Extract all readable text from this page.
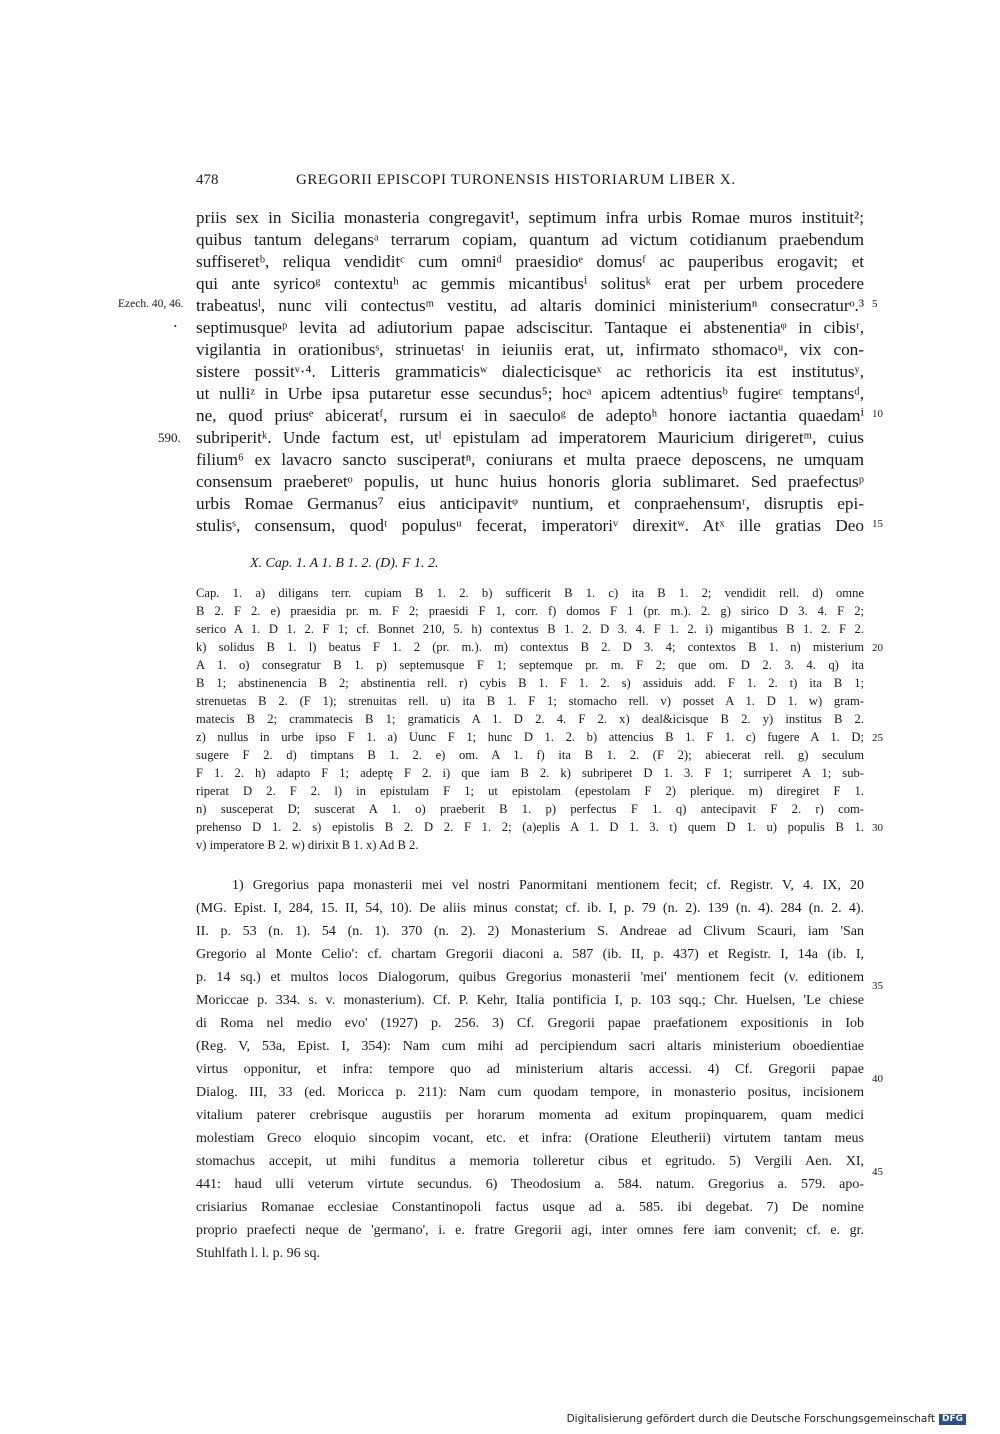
478	GREGORII EPISCOPI TURONENSIS HISTORIARUM LIBER X.
priis sex in Sicilia monasteria congregavit¹, septimum infra urbis Romae muros instituit²;
quibus tantum delegansᵃ terrarum copiam, quantum ad victum cotidianum praebendum
suffiseretᵇ, reliqua vendiditᶜ cum omniᵈ praesidioᵉ domusᶠ ac pauperibus erogavit; et
qui ante syricoᵍ contextuʰ ac gemmis micantibusⁱ solitusᵏ erat per urbem procedere
trabeatusˡ, nunc vili contectusᵐ vestitu, ad altaris dominici ministeriumⁿ consecraturᵒ.³
septimusqueᵖ levita ad adiutorium papae adsciscitur. Tantaque ei abstenentiaᵠ in cibisʳ,
vigilantia in orationibusˢ, strinuetasᵗ in ieiuniis erat, ut, infirmato sthomacoᵘ, vix con-
sistere possitᵛ·⁴. Litteris grammaticisʷ dialecticisqueˣ ac rethoricis ita est institutusʸ,
ut nulliᶻ in Urbe ipsa putaretur esse secundus⁵; hocᵃ apicem adtentiusᵇ fugireᶜ temptansᵈ,
ne, quod priusᵉ abiceratᶠ, rursum ei in saeculoᵍ de adeptoʰ honore iactantia quaedamⁱ
subriperitᵏ. Unde factum est, utˡ epistulam ad imperatorem Mauricium dirigeretᵐ, cuius
filium⁶ ex lavacro sancto susciperatⁿ, coniurans et multa praece deposcens, ne umquam
consensum praeberetᵒ populis, ut hunc huius honoris gloria sublimaret. Sed praefectusᵖ
urbis Romae Germanus⁷ eius anticipavitᵠ nuntium, et conpraehensumʳ, disruptis epi-
stulisˢ, consensum, quodᵗ populusᵘ fecerat, imperatoriᵛ direxitʷ. Atˣ ille gratias Deo
Ezech. 40, 46.
•
590.
5
10
15
X. Cap. 1. A 1. B 1. 2. (D). F 1. 2.
Cap. 1. a) diligans terr. cupiam B 1. 2. b) sufficerit B 1. c) ita B 1. 2; vendidit rell. d) omne
B 2. F 2. e) praesidia pr. m. F 2; praesidi F 1, corr. f) domos F 1 (pr. m.). 2. g) sirico D 3. 4. F 2;
serico A 1. D 1. 2. F 1; cf. Bonnet 210, 5. h) contextus B 1. 2. D 3. 4. F 1. 2. i) migantibus B 1. 2. F 2.
k) solidus B 1. l) beatus F 1. 2 (pr. m.). m) contextus B 2. D 3. 4; contextos B 1. n) misterium
A 1. o) consegratur B 1. p) septemusque F 1; septemque pr. m. F 2; que om. D 2. 3. 4. q) ita
B 1; abstinenencia B 2; abstinentia rell. r) cybis B 1. F 1. 2. s) assiduis add. F 1. 2. t) ita B 1;
strenuetas B 2. (F 1); strenuitas rell. u) ita B 1. F 1; stomacho rell. v) posset A 1. D 1. w) gram-
matecis B 2; crammatecis B 1; gramaticis A 1. D 2. 4. F 2. x) deal&icisque B 2. y) institus B 2.
z) nullus in urbe ipso F 1. a) Uunc F 1; hunc D 1. 2. b) attencius B 1. F 1. c) fugere A 1. D;
sugere F 2. d) timptans B 1. 2. e) om. A 1. f) ita B 1. 2. (F 2); abiecerat rell. g) seculum
F 1. 2. h) adapto F 1; adeptę F 2. i) que iam B 2. k) subriperet D 1. 3. F 1; surriperet A 1; sub-
riperat D 2. F 2. l) in epistulam F 1; ut epistolam (epestolam F 2) plerique. m) diregiret F 1.
n) susceperat D; suscerat A 1. o) praeberit B 1. p) perfectus F 1. q) antecipavit F 2. r) com-
prehenso D 1. 2. s) epistolis B 2. D 2. F 1. 2; (a)eplis A 1. D 1. 3. t) quem D 1. u) populis B 1.
v) imperatore B 2. w) dirixit B 1. x) Ad B 2.
20
25
30
1) Gregorius papa monasterii mei vel nostri Panormitani mentionem fecit; cf. Registr. V, 4. IX, 20
(MG. Epist. I, 284, 15. II, 54, 10). De aliis minus constat; cf. ib. I, p. 79 (n. 2). 139 (n. 4). 284 (n. 2. 4).
II. p. 53 (n. 1). 54 (n. 1). 370 (n. 2). 2) Monasterium S. Andreae ad Clivum Scauri, iam 'San
Gregorio al Monte Celio': cf. chartam Gregorii diaconi a. 587 (ib. II, p. 437) et Registr. I, 14a (ib. I,
p. 14 sq.) et multos locos Dialogorum, quibus Gregorius monasterii 'mei' mentionem fecit (v. editionem
Moriccae p. 334. s. v. monasterium). Cf. P. Kehr, Italia pontificia I, p. 103 sqq.; Chr. Huelsen, 'Le chiese
di Roma nel medio evo' (1927) p. 256. 3) Cf. Gregorii papae praefationem expositionis in Iob
(Reg. V, 53a, Epist. I, 354): Nam cum mihi ad percipiendum sacri altaris ministerium oboedientiae
virtus opponitur, et infra: tempore quo ad ministerium altaris accessi. 4) Cf. Gregorii papae
Dialog. III, 33 (ed. Moricca p. 211): Nam cum quodam tempore, in monasterio positus, incisionem
vitalium paterer crebrisque augustiis per horarum momenta ad exitum propinquarem, quam medici
molestiam Greco eloquio sincopim vocant, etc. et infra: (Oratione Eleutherii) virtutem tantam meus
stomachus accepit, ut mihi funditus a memoria tolleretur cibus et egritudo. 5) Vergili Aen. XI,
441: haud ulli veterum virtute secundus. 6) Theodosium a. 584. natum. Gregorius a. 579. apo-
crisiarius Romanae ecclesiae Constantinopoli factus usque ad a. 585. ibi degebat. 7) De nomine
proprio praefecti neque de 'germano', i. e. fratre Gregorii agi, inter omnes fere iam convenit; cf. e. gr.
Stuhlfath l. l. p. 96 sq.
35
40
45
Digitalisierung gefördert durch die Deutsche Forschungsgemeinschaft DFG
